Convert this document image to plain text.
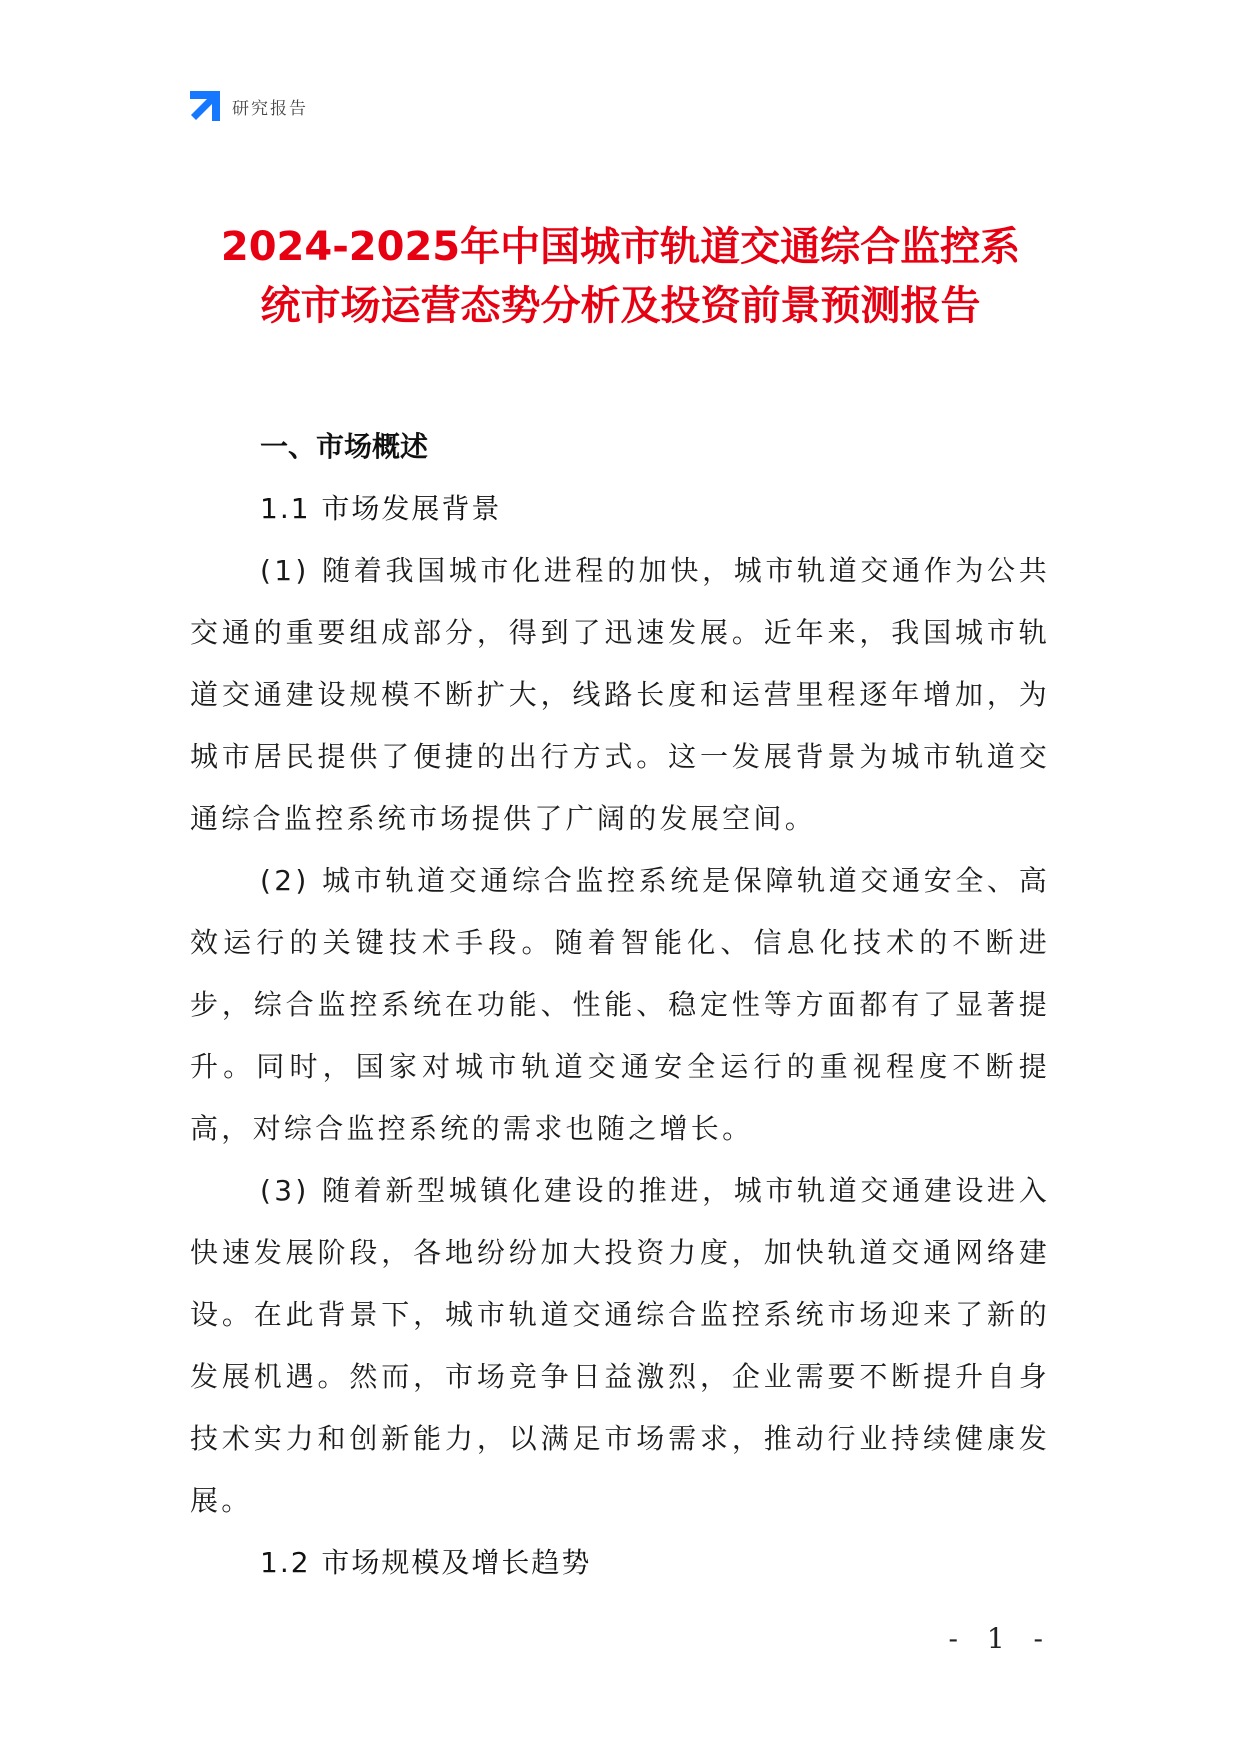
研究报告
2024-2025年中国城市轨道交通综合监控系
统市场运营态势分析及投资前景预测报告

一、市场概述

1.1 市场发展背景

(1) 随着我国城市化进程的加快，城市轨道交通作为公共交通的重要组成部分，得到了迅速发展。近年来，我国城市轨道交通建设规模不断扩大，线路长度和运营里程逐年增加，为城市居民提供了便捷的出行方式。这一发展背景为城市轨道交通综合监控系统市场提供了广阔的发展空间。

(2) 城市轨道交通综合监控系统是保障轨道交通安全、高效运行的关键技术手段。随着智能化、信息化技术的不断进步，综合监控系统在功能、性能、稳定性等方面都有了显著提升。同时，国家对城市轨道交通安全运行的重视程度不断提高，对综合监控系统的需求也随之增长。

(3) 随着新型城镇化建设的推进，城市轨道交通建设进入快速发展阶段，各地纷纷加大投资力度，加快轨道交通网络建设。在此背景下，城市轨道交通综合监控系统市场迎来了新的发展机遇。然而，市场竞争日益激烈，企业需要不断提升自身技术实力和创新能力，以满足市场需求，推动行业持续健康发展。

1.2 市场规模及增长趋势

- 1 -
